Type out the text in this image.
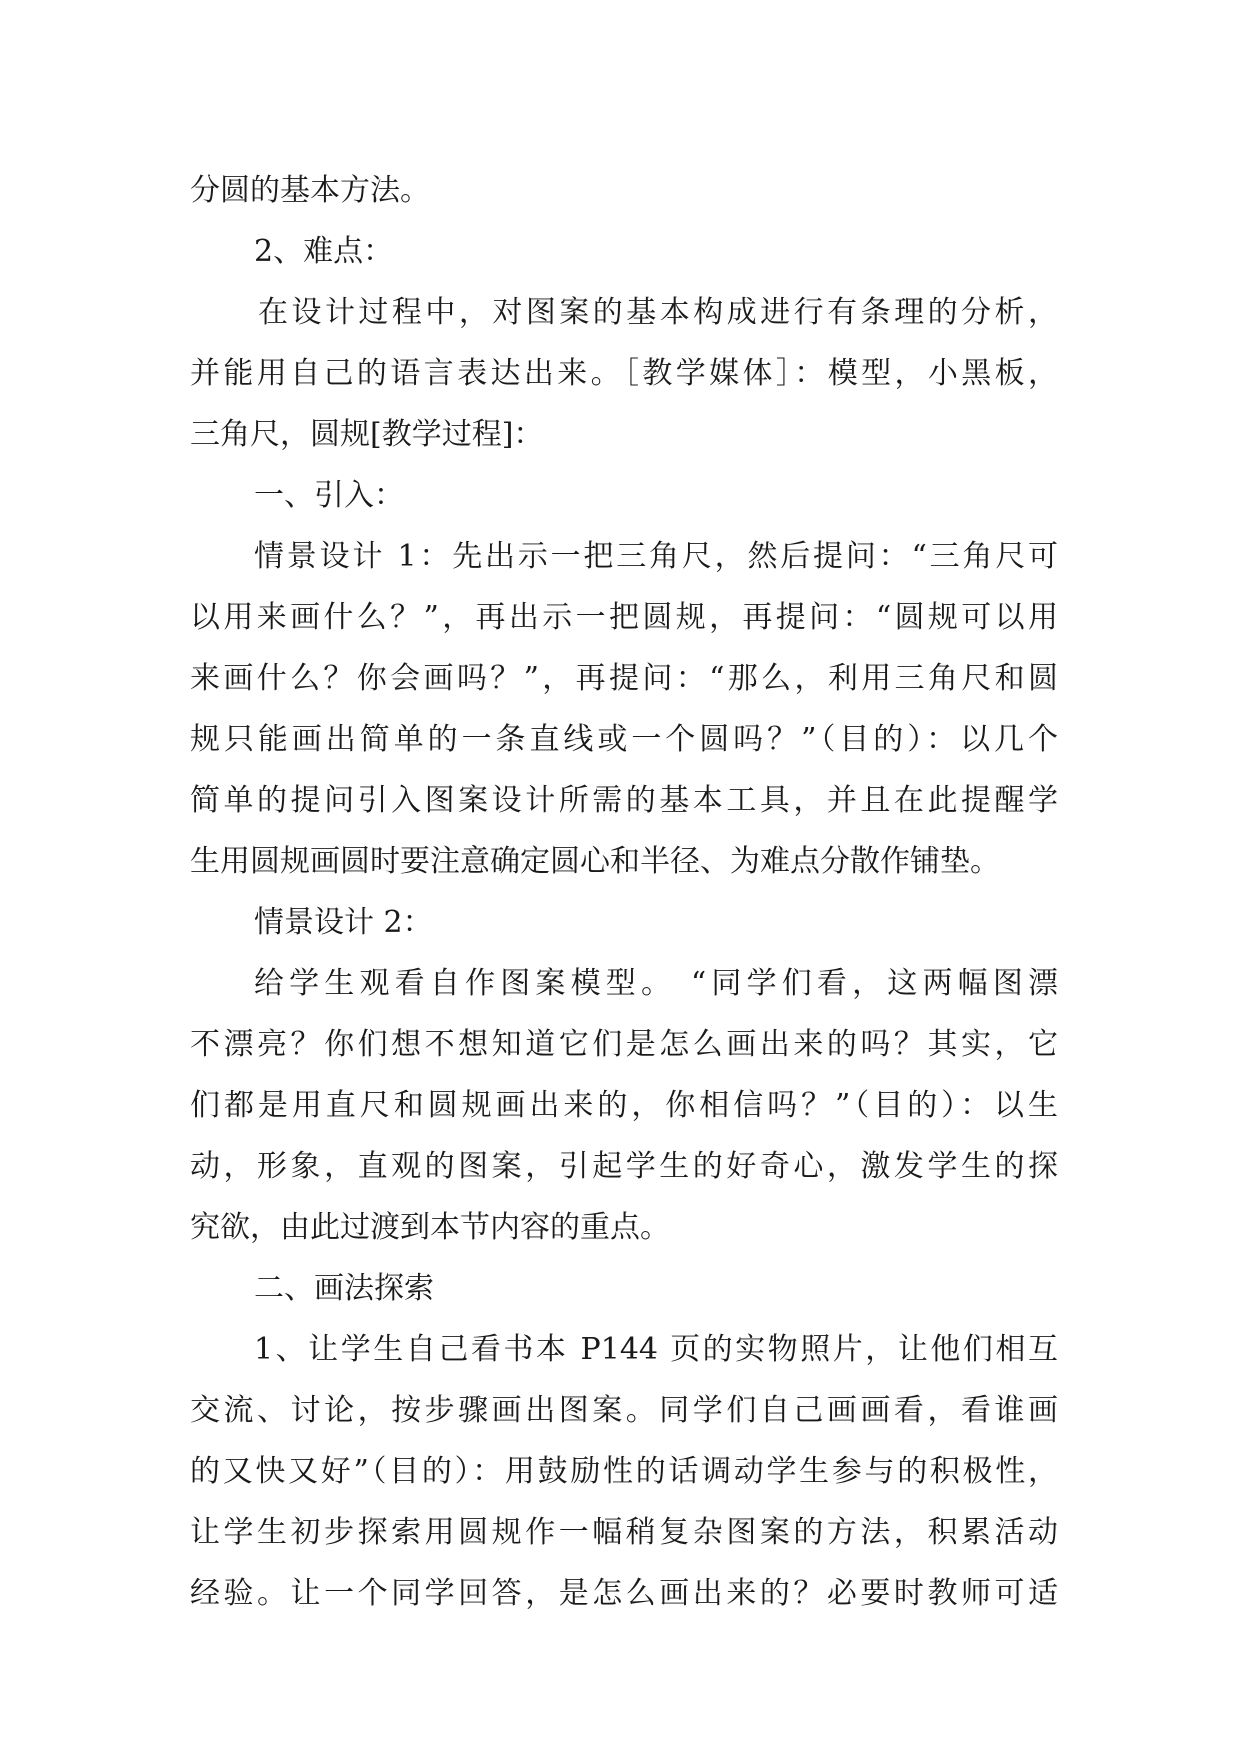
分圆的基本方法。
2、难点：
在设计过程中，对图案的基本构成进行有条理的分析，
并能用自己的语言表达出来。［教学媒体］：模型，小黑板，
三角尺，圆规[教学过程]：
一、引入：
情景设计 1：先出示一把三角尺，然后提问：“三角尺可
以用来画什么？”，再出示一把圆规，再提问：“圆规可以用
来画什么？你会画吗？”，再提问：“那么，利用三角尺和圆
规只能画出简单的一条直线或一个圆吗？”（目的）：以几个
简单的提问引入图案设计所需的基本工具，并且在此提醒学
生用圆规画圆时要注意确定圆心和半径、为难点分散作铺垫。
情景设计 2：
给学生观看自作图案模型。 “同学们看，这两幅图漂
不漂亮？你们想不想知道它们是怎么画出来的吗？其实，它
们都是用直尺和圆规画出来的，你相信吗？”（目的）：以生
动，形象，直观的图案，引起学生的好奇心，激发学生的探
究欲，由此过渡到本节内容的重点。
二、画法探索
1、让学生自己看书本 P144 页的实物照片，让他们相互
交流、讨论，按步骤画出图案。同学们自己画画看，看谁画
的又快又好”（目的）：用鼓励性的话调动学生参与的积极性，
让学生初步探索用圆规作一幅稍复杂图案的方法，积累活动
经验。让一个同学回答，是怎么画出来的？必要时教师可适
